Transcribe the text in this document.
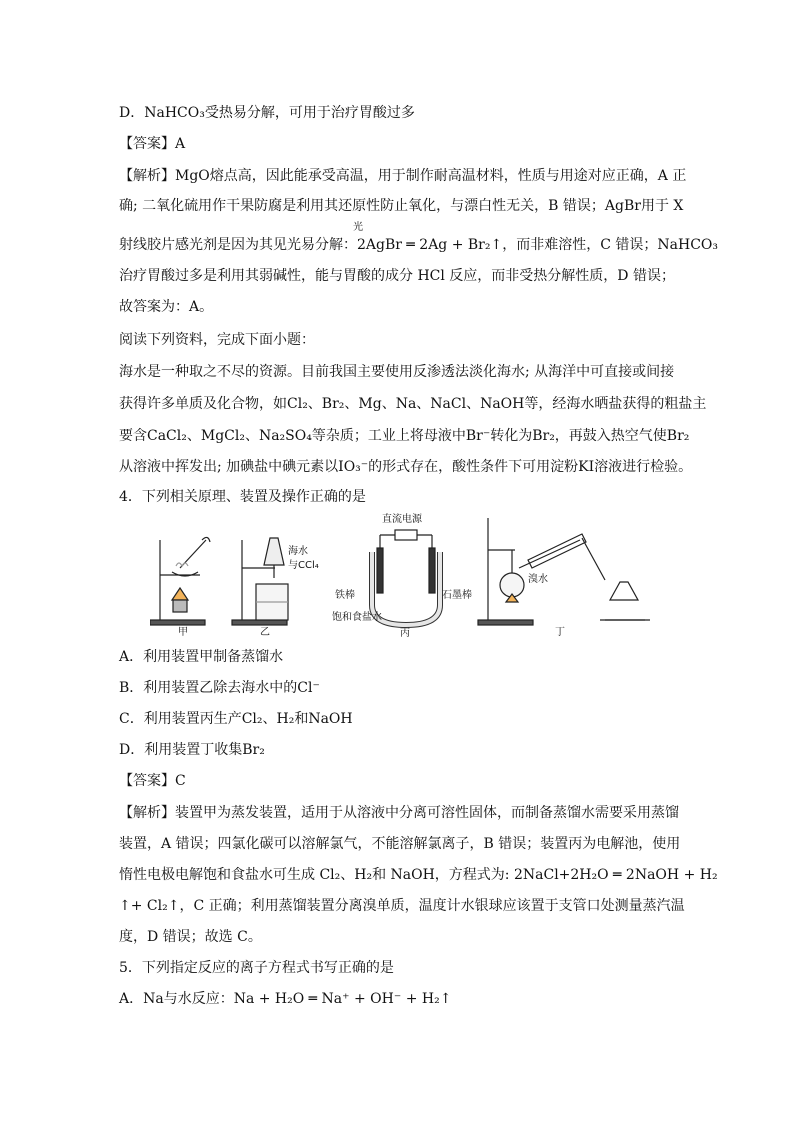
D．NaHCO₃受热易分解，可用于治疗胃酸过多
【答案】A
【解析】MgO熔点高，因此能承受高温，用于制作耐高温材料，性质与用途对应正确，A 正
确; 二氧化硫用作干果防腐是利用其还原性防止氧化，与漂白性无关，B 错误；AgBr用于 X
光
射线胶片感光剂是因为其见光易分解：2AgBr ═ 2Ag + Br₂↑，而非难溶性，C 错误；NaHCO₃
治疗胃酸过多是利用其弱碱性，能与胃酸的成分 HCl 反应，而非受热分解性质，D 错误；
故答案为：A。
阅读下列资料，完成下面小题：
海水是一种取之不尽的资源。目前我国主要使用反渗透法淡化海水; 从海洋中可直接或间接
获得许多单质及化合物，如Cl₂、Br₂、Mg、Na、NaCl、NaOH等，经海水晒盐获得的粗盐主
要含CaCl₂、MgCl₂、Na₂SO₄等杂质；工业上将母液中Br⁻转化为Br₂，再鼓入热空气使Br₂
从溶液中挥发出; 加碘盐中碘元素以IO₃⁻的形式存在，酸性条件下可用淀粉KI溶液进行检验。
4．下列相关原理、装置及操作正确的是
甲	乙
海水
与CCl₄
直流电源
铁棒	石墨棒
饱和食盐水
丙
溴水
丁
A．利用装置甲制备蒸馏水
B．利用装置乙除去海水中的Cl⁻
C．利用装置丙生产Cl₂、H₂和NaOH
D．利用装置丁收集Br₂
【答案】C
【解析】装置甲为蒸发装置，适用于从溶液中分离可溶性固体，而制备蒸馏水需要采用蒸馏
装置，A 错误；四氯化碳可以溶解氯气，不能溶解氯离子，B 错误；装置丙为电解池，使用
惰性电极电解饱和食盐水可生成 Cl₂、H₂和 NaOH，方程式为: 2NaCl+2H₂O ═ 2NaOH + H₂
↑+ Cl₂↑，C 正确；利用蒸馏装置分离溴单质，温度计水银球应该置于支管口处测量蒸汽温
度，D 错误；故选 C。
5．下列指定反应的离子方程式书写正确的是
A．Na与水反应：Na + H₂O ═ Na⁺ + OH⁻ + H₂↑
